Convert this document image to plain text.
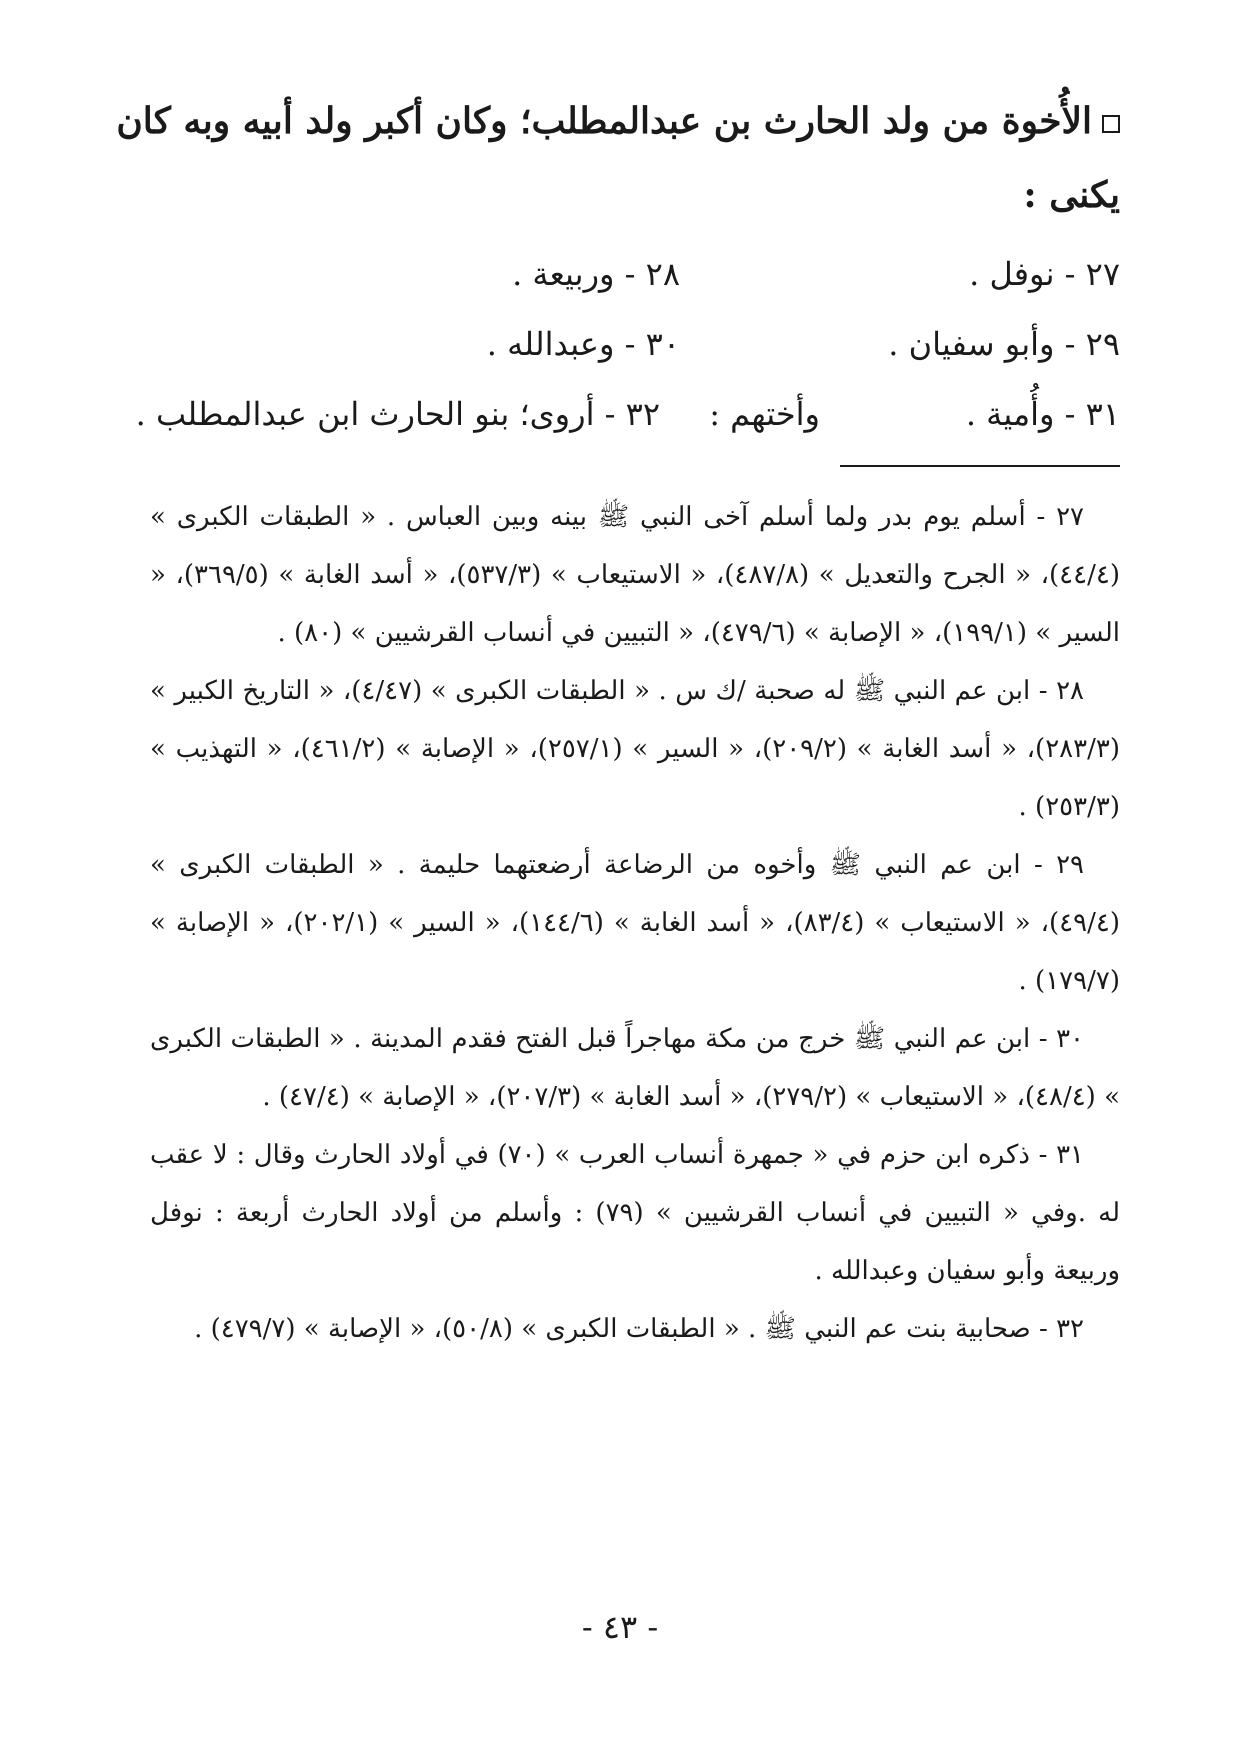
الأُخوة من ولد الحارث بن عبدالمطلب؛ وكان أكبر ولد أبيه وبه كان
يكنى :
٢٧ - نوفل .
٢٨ - وربيعة .
٢٩ - وأبو سفيان .
٣٠ - وعبدالله .
٣١ - وأُمية .
وأختهم :
٣٢ - أروى؛ بنو الحارث ابن عبدالمطلب .

٢٧ - أسلم يوم بدر ولما أسلم آخى النبي ﷺ بينه وبين العباس . « الطبقات الكبرى » (٤٤/٤)، « الجرح والتعديل » (٤٨٧/٨)، « الاستيعاب » (٥٣٧/٣)، « أسد الغابة » (٣٦٩/٥)، « السير » (١٩٩/١)، « الإصابة » (٤٧٩/٦)، « التبيين في أنساب القرشيين » (٨٠) .

٢٨ - ابن عم النبي ﷺ له صحبة /ك س . « الطبقات الكبرى » (٤/٤٧)، « التاريخ الكبير » (٢٨٣/٣)، « أسد الغابة » (٢٠٩/٢)، « السير » (٢٥٧/١)، « الإصابة » (٤٦١/٢)، « التهذيب » (٢٥٣/٣) .

٢٩ - ابن عم النبي ﷺ وأخوه من الرضاعة أرضعتهما حليمة . « الطبقات الكبرى » (٤٩/٤)، « الاستيعاب » (٨٣/٤)، « أسد الغابة » (١٤٤/٦)، « السير » (٢٠٢/١)، « الإصابة » (١٧٩/٧) .

٣٠ - ابن عم النبي ﷺ خرج من مكة مهاجراً قبل الفتح فقدم المدينة . « الطبقات الكبرى » (٤٨/٤)، « الاستيعاب » (٢٧٩/٢)، « أسد الغابة » (٢٠٧/٣)، « الإصابة » (٤٧/٤) .

٣١ - ذكره ابن حزم في « جمهرة أنساب العرب » (٧٠) في أولاد الحارث وقال : لا عقب له .وفي « التبيين في أنساب القرشيين » (٧٩) : وأسلم من أولاد الحارث أربعة : نوفل وربيعة وأبو سفيان وعبدالله .

٣٢ - صحابية بنت عم النبي ﷺ . « الطبقات الكبرى » (٥٠/٨)، « الإصابة » (٤٧٩/٧) .

- ٤٣ -
